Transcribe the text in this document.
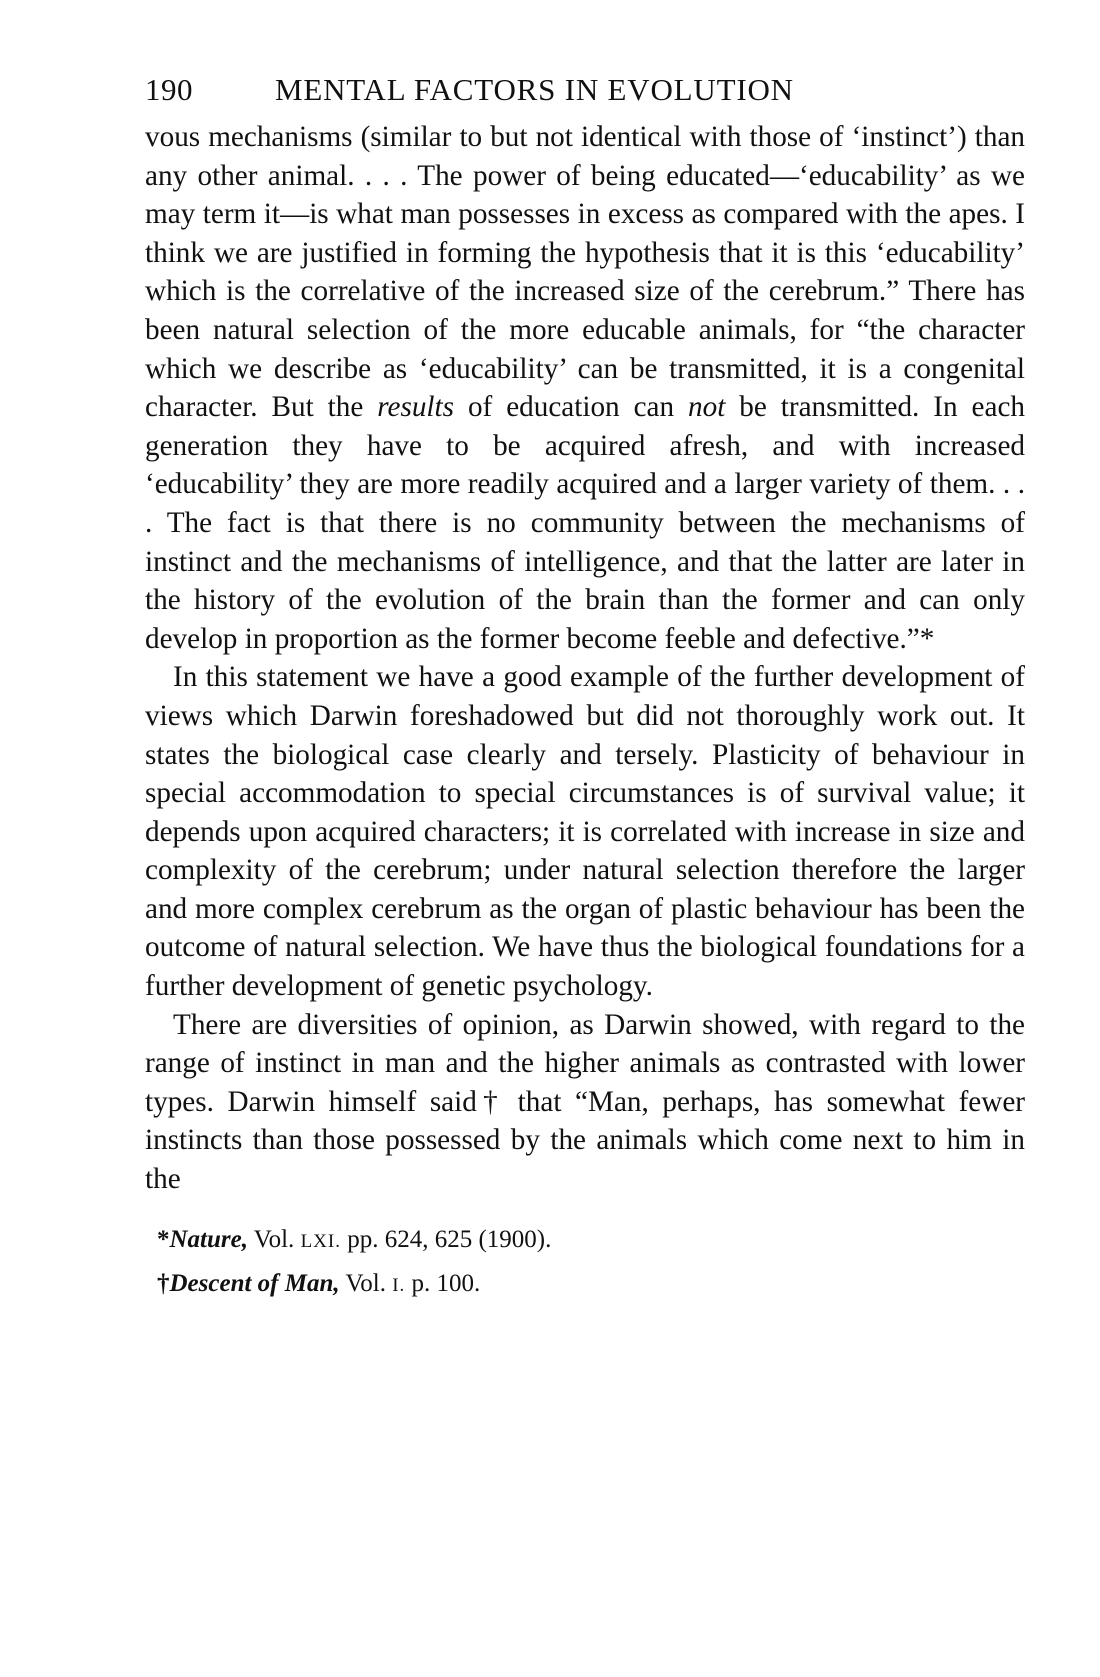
190	MENTAL FACTORS IN EVOLUTION

vous mechanisms (similar to but not identical with those of ‘instinct’) than any other animal. . . . The power of being educated—‘educability’ as we may term it—is what man possesses in excess as compared with the apes. I think we are justified in forming the hypothesis that it is this ‘educability’ which is the correlative of the increased size of the cerebrum.” There has been natural selection of the more educable animals, for “the character which we describe as ‘educability’ can be transmitted, it is a congenital character. But the results of education can not be transmitted. In each generation they have to be acquired afresh, and with increased ‘educability’ they are more readily acquired and a larger variety of them. . . . The fact is that there is no community between the mechanisms of instinct and the mechanisms of intelligence, and that the latter are later in the history of the evolution of the brain than the former and can only develop in proportion as the former become feeble and defective.”*

In this statement we have a good example of the further development of views which Darwin foreshadowed but did not thoroughly work out. It states the biological case clearly and tersely. Plasticity of behaviour in special accommodation to special circumstances is of survival value; it depends upon acquired characters; it is correlated with increase in size and complexity of the cerebrum; under natural selection therefore the larger and more complex cerebrum as the organ of plastic behaviour has been the outcome of natural selection. We have thus the biological foundations for a further development of genetic psychology.

There are diversities of opinion, as Darwin showed, with regard to the range of instinct in man and the higher animals as contrasted with lower types. Darwin himself said† that “Man, perhaps, has somewhat fewer instincts than those possessed by the animals which come next to him in the

*Nature, Vol. LXI. pp. 624, 625 (1900).
†Descent of Man, Vol. I. p. 100.
